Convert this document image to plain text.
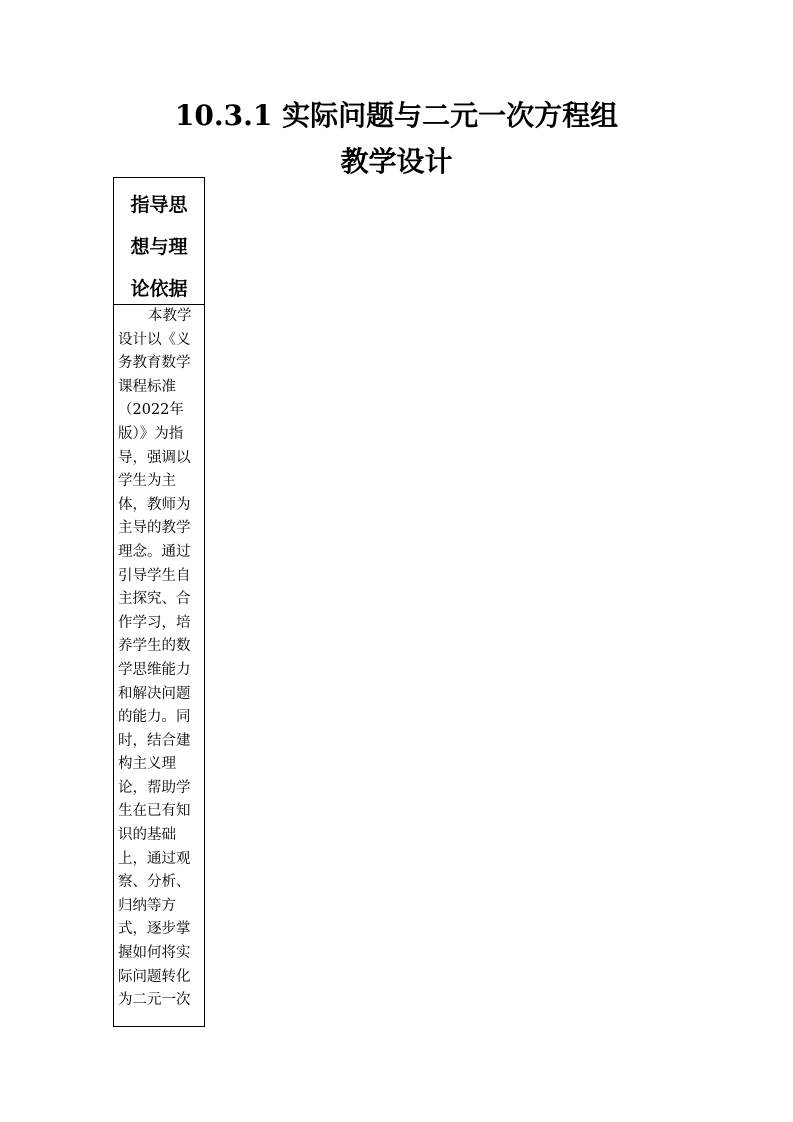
10.3.1 实际问题与二元一次方程组
教学设计
指导思
想与理
论依据
本教学
设计以《义
务教育数学
课程标准
（2022年
版）》为指
导，强调以
学生为主
体，教师为
主导的教学
理念。通过
引导学生自
主探究、合
作学习，培
养学生的数
学思维能力
和解决问题
的能力。同
时，结合建
构主义理
论，帮助学
生在已有知
识的基础
上，通过观
察、分析、
归纳等方
式，逐步掌
握如何将实
际问题转化
为二元一次
